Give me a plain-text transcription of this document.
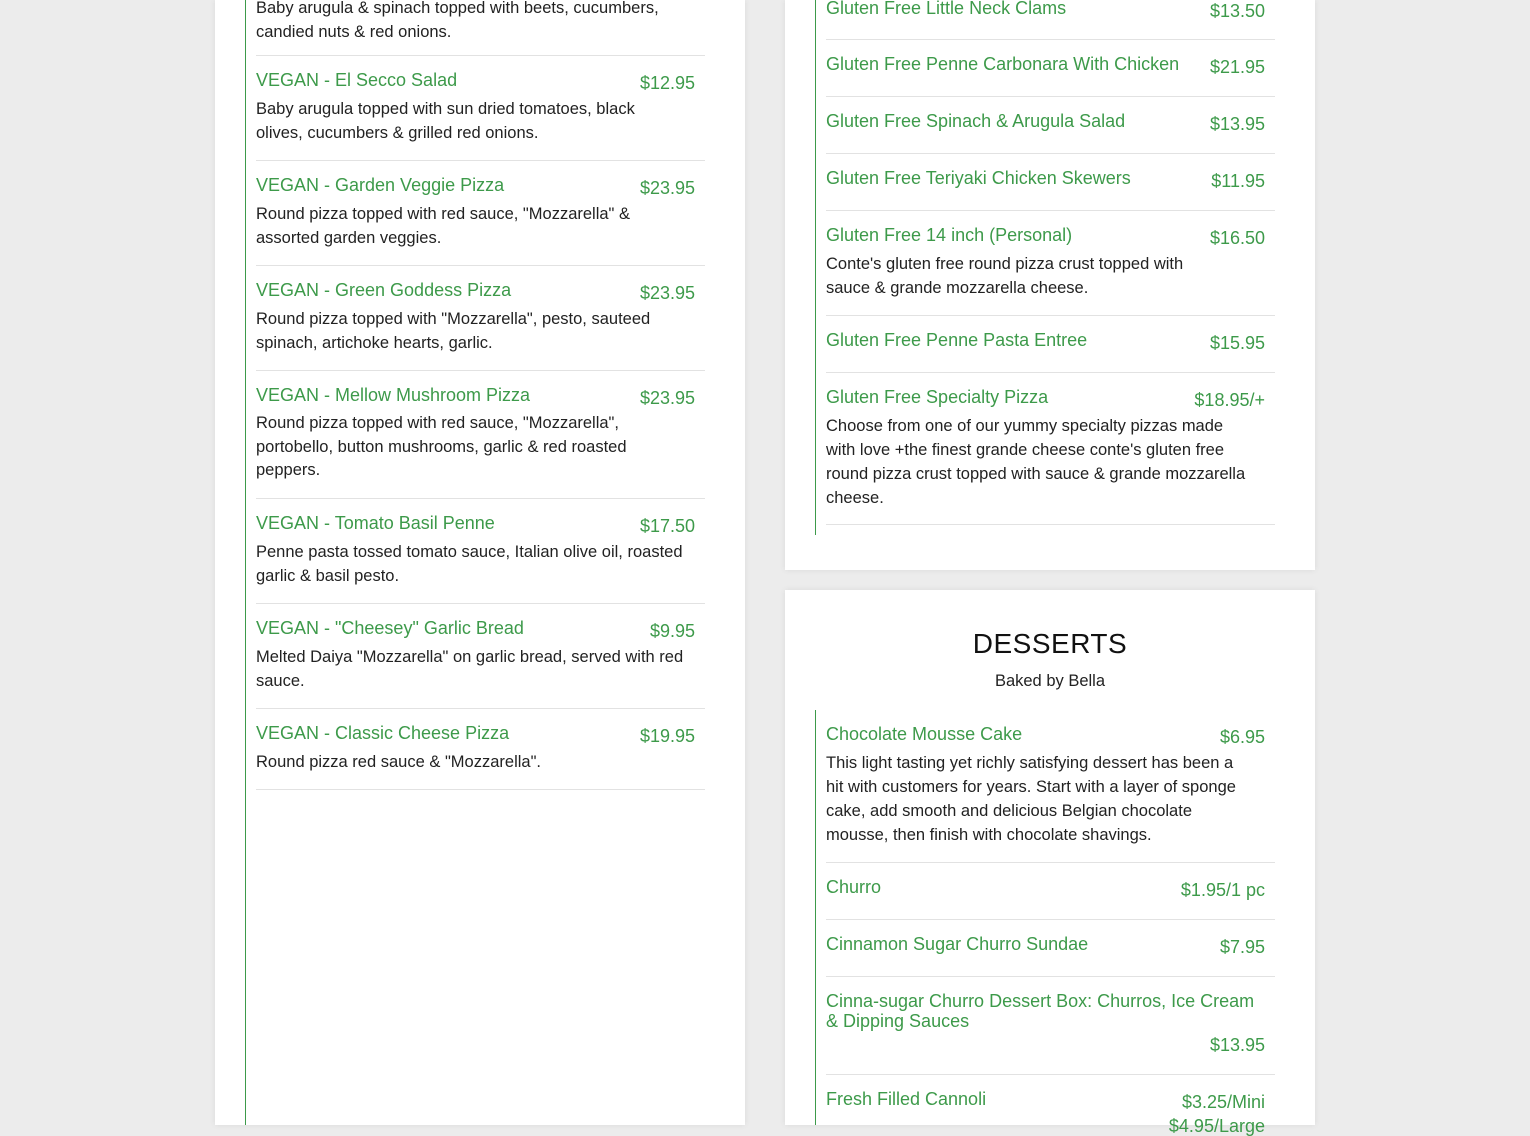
Baby arugula & spinach topped with beets, cucumbers, candied nuts & red onions.
VEGAN - El Secco Salad	$12.95
Baby arugula topped with sun dried tomatoes, black olives, cucumbers & grilled red onions.
VEGAN - Garden Veggie Pizza	$23.95
Round pizza topped with red sauce, "Mozzarella" & assorted garden veggies.
VEGAN - Green Goddess Pizza	$23.95
Round pizza topped with "Mozzarella", pesto, sauteed spinach, artichoke hearts, garlic.
VEGAN - Mellow Mushroom Pizza	$23.95
Round pizza topped with red sauce, "Mozzarella", portobello, button mushrooms, garlic & red roasted peppers.
VEGAN - Tomato Basil Penne	$17.50
Penne pasta tossed tomato sauce, Italian olive oil, roasted garlic & basil pesto.
VEGAN - "Cheesey" Garlic Bread	$9.95
Melted Daiya "Mozzarella" on garlic bread, served with red sauce.
VEGAN - Classic Cheese Pizza	$19.95
Round pizza red sauce & "Mozzarella".
Gluten Free Little Neck Clams	$13.50
Gluten Free Penne Carbonara With Chicken	$21.95
Gluten Free Spinach & Arugula Salad	$13.95
Gluten Free Teriyaki Chicken Skewers	$11.95
Gluten Free 14 inch (Personal)	$16.50
Conte's gluten free round pizza crust topped with sauce & grande mozzarella cheese.
Gluten Free Penne Pasta Entree	$15.95
Gluten Free Specialty Pizza	$18.95/+
Choose from one of our yummy specialty pizzas made with love +the finest grande cheese conte's gluten free round pizza crust topped with sauce & grande mozzarella cheese.
DESSERTS
Baked by Bella
Chocolate Mousse Cake	$6.95
This light tasting yet richly satisfying dessert has been a hit with customers for years. Start with a layer of sponge cake, add smooth and delicious Belgian chocolate mousse, then finish with chocolate shavings.
Churro	$1.95/1 pc
Cinnamon Sugar Churro Sundae	$7.95
Cinna-sugar Churro Dessert Box: Churros, Ice Cream & Dipping Sauces
$13.95
Fresh Filled Cannoli	$3.25/Mini
$4.95/Large
